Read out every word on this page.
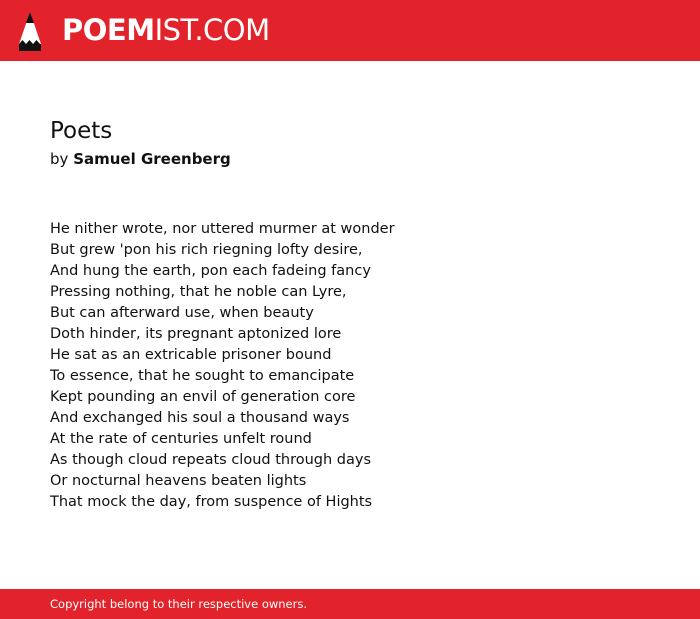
POEMIST.COM
Poets
by Samuel Greenberg
He nither wrote, nor uttered murmer at wonder
But grew 'pon his rich riegning lofty desire,
And hung the earth, pon each fadeing fancy
Pressing nothing, that he noble can Lyre,
But can afterward use, when beauty
Doth hinder, its pregnant aptonized lore
He sat as an extricable prisoner bound
To essence, that he sought to emancipate
Kept pounding an envil of generation core
And exchanged his soul a thousand ways
At the rate of centuries unfelt round
As though cloud repeats cloud through days
Or nocturnal heavens beaten lights
That mock the day, from suspence of Hights
Copyright belong to their respective owners.
